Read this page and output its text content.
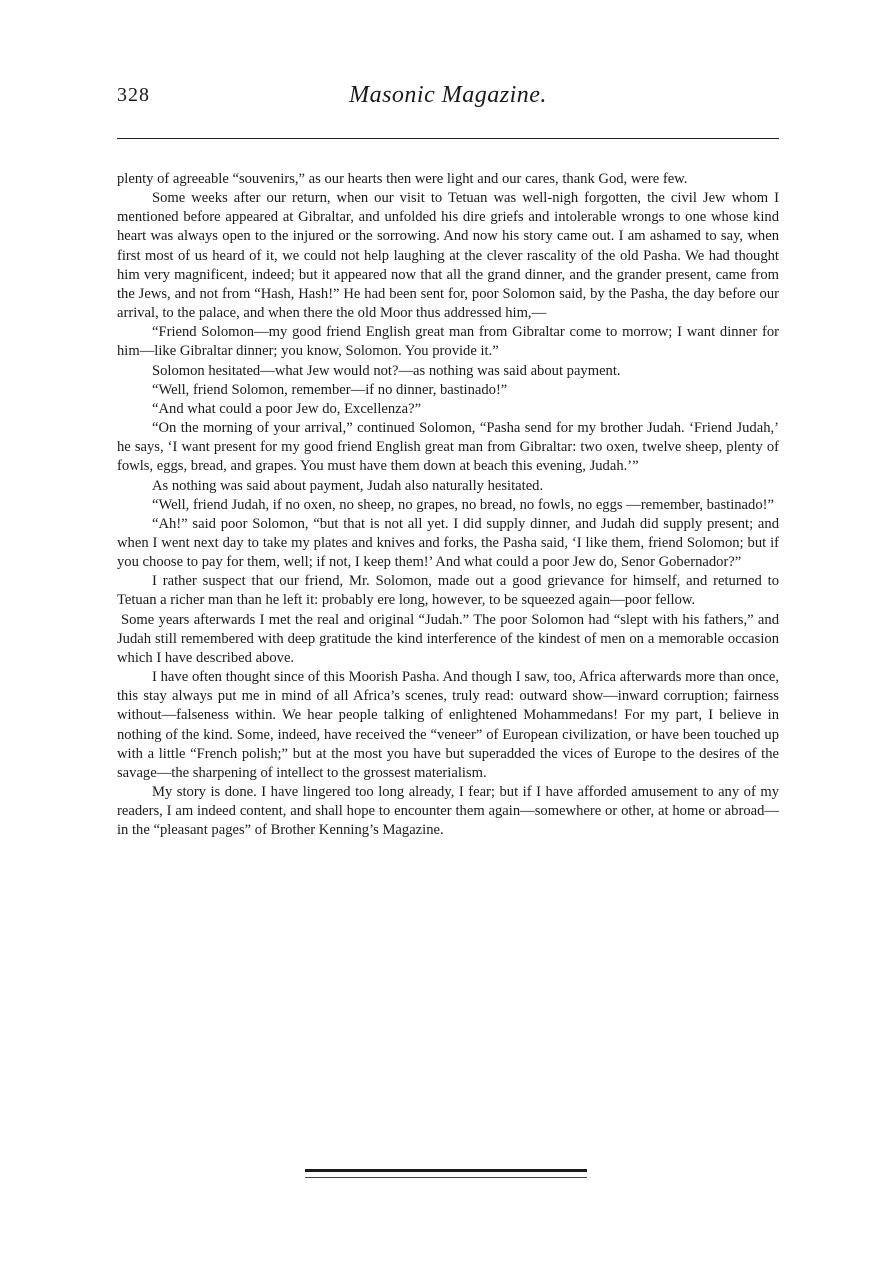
328	Masonic Magazine.

plenty of agreeable “souvenirs,” as our hearts then were light and our cares, thank God, were few.

Some weeks after our return, when our visit to Tetuan was well-nigh forgotten, the civil Jew whom I mentioned before appeared at Gibraltar, and unfolded his dire griefs and intolerable wrongs to one whose kind heart was always open to the injured or the sorrowing. And now his story came out. I am ashamed to say, when first most of us heard of it, we could not help laughing at the clever rascality of the old Pasha. We had thought him very magnificent, indeed; but it appeared now that all the grand dinner, and the grander present, came from the Jews, and not from “Hash, Hash!” He had been sent for, poor Solomon said, by the Pasha, the day before our arrival, to the palace, and when there the old Moor thus addressed him,—

“Friend Solomon—my good friend English great man from Gibraltar come to morrow; I want dinner for him—like Gibraltar dinner; you know, Solomon. You provide it.”

Solomon hesitated—what Jew would not?—as nothing was said about payment.

“Well, friend Solomon, remember—if no dinner, bastinado!”

“And what could a poor Jew do, Excellenza?”

“On the morning of your arrival,” continued Solomon, “Pasha send for my brother Judah. ‘Friend Judah,’ he says, ‘I want present for my good friend English great man from Gibraltar: two oxen, twelve sheep, plenty of fowls, eggs, bread, and grapes. You must have them down at beach this evening, Judah.’”

As nothing was said about payment, Judah also naturally hesitated.

“Well, friend Judah, if no oxen, no sheep, no grapes, no bread, no fowls, no eggs —remember, bastinado!”

“Ah!” said poor Solomon, “but that is not all yet. I did supply dinner, and Judah did supply present; and when I went next day to take my plates and knives and forks, the Pasha said, ‘I like them, friend Solomon; but if you choose to pay for them, well; if not, I keep them!’ And what could a poor Jew do, Senor Gobernador?”

I rather suspect that our friend, Mr. Solomon, made out a good grievance for himself, and returned to Tetuan a richer man than he left it: probably ere long, however, to be squeezed again—poor fellow.

Some years afterwards I met the real and original “Judah.” The poor Solomon had “slept with his fathers,” and Judah still remembered with deep gratitude the kind interference of the kindest of men on a memorable occasion which I have described above.

I have often thought since of this Moorish Pasha. And though I saw, too, Africa afterwards more than once, this stay always put me in mind of all Africa’s scenes, truly read: outward show—inward corruption; fairness without—falseness within. We hear people talking of enlightened Mohammedans! For my part, I believe in nothing of the kind. Some, indeed, have received the “veneer” of European civilization, or have been touched up with a little “French polish;” but at the most you have but superadded the vices of Europe to the desires of the savage—the sharpening of intellect to the grossest materialism.

My story is done. I have lingered too long already, I fear; but if I have afforded amusement to any of my readers, I am indeed content, and shall hope to encounter them again—somewhere or other, at home or abroad—in the “pleasant pages” of Brother Kenning’s Magazine.
